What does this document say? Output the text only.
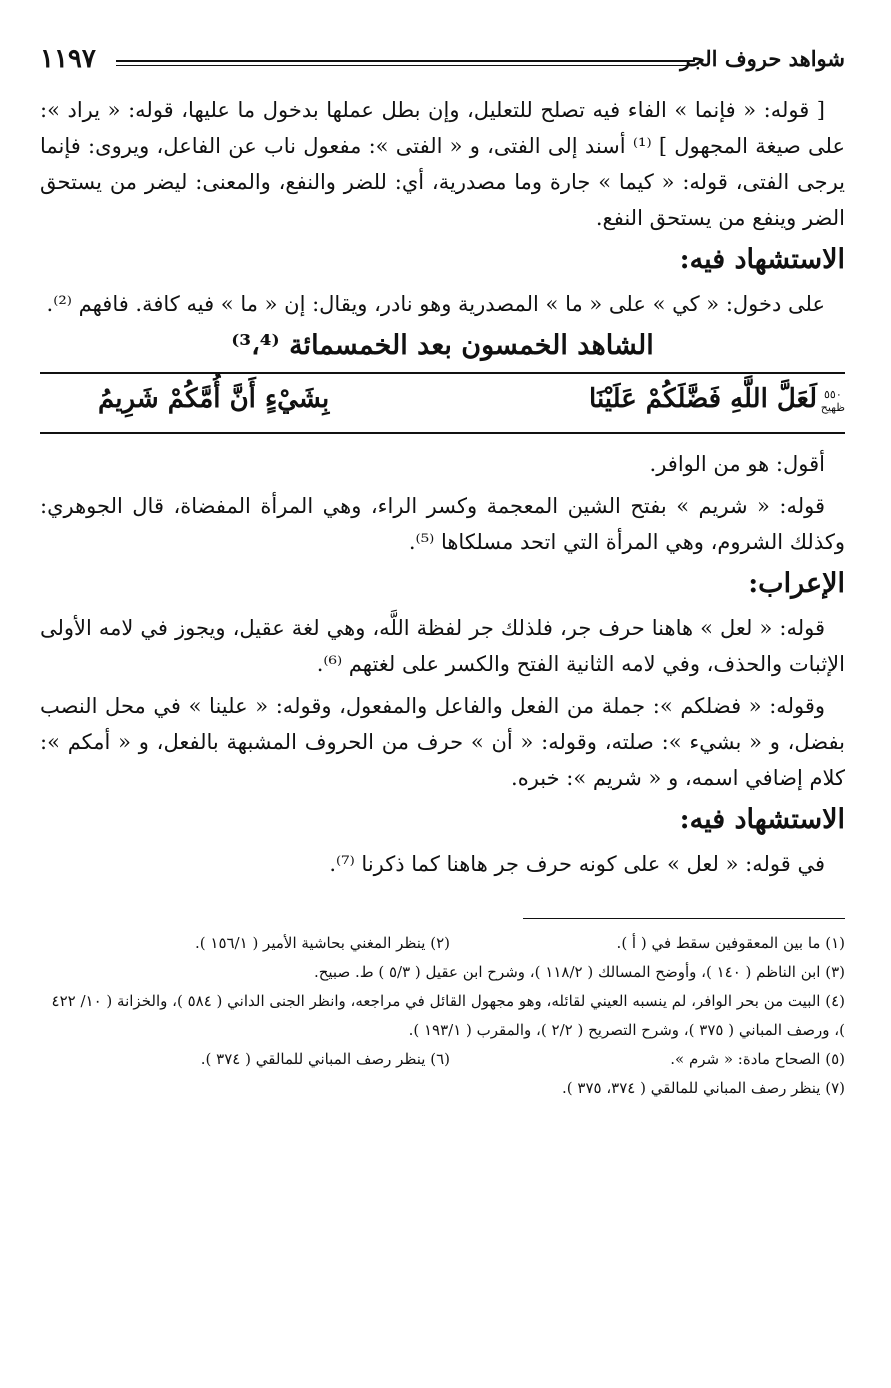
شواهد حروف الجر
١١٩٧

[ قوله: « فإنما » الفاء فيه تصلح للتعليل، وإن بطل عملها بدخول ما عليها، قوله: « يراد »: على صيغة المجهول ] ⁽¹⁾ أسند إلى الفتى، و « الفتى »: مفعول ناب عن الفاعل، ويروى: فإنما يرجى الفتى، قوله: « كيما » جارة وما مصدرية، أي: للضر والنفع، والمعنى: ليضر من يستحق الضر وينفع من يستحق النفع.

الاستشهاد فيه:

على دخول: « كي » على « ما » المصدرية وهو نادر، ويقال: إن « ما » فيه كافة. فافهم ⁽²⁾.

الشاهد الخمسون بعد الخمسمائة ⁽³،⁴⁾
٥٥٠
ظهيح
لَعَلَّ اللَّهِ فَضَّلَكُمْ عَلَيْنَا
بِشَيْءٍ أَنَّ أُمَّكُمْ شَرِيمُ

أقول: هو من الوافر.

قوله: « شريم » بفتح الشين المعجمة وكسر الراء، وهي المرأة المفضاة، قال الجوهري: وكذلك الشروم، وهي المرأة التي اتحد مسلكاها ⁽⁵⁾.

الإعراب:

قوله: « لعل » هاهنا حرف جر، فلذلك جر لفظة اللَّه، وهي لغة عقيل، ويجوز في لامه الأولى الإثبات والحذف، وفي لامه الثانية الفتح والكسر على لغتهم ⁽⁶⁾.

وقوله: « فضلكم »: جملة من الفعل والفاعل والمفعول، وقوله: « علينا » في محل النصب بفضل، و « بشيء »: صلته، وقوله: « أن » حرف من الحروف المشبهة بالفعل، و « أمكم »: كلام إضافي اسمه، و « شريم »: خبره.

الاستشهاد فيه:

في قوله: « لعل » على كونه حرف جر هاهنا كما ذكرنا ⁽⁷⁾.

(١) ما بين المعقوفين سقط في ( أ ).
(٢) ينظر المغني بحاشية الأمير ( ١٥٦/١ ).

(٣) ابن الناظم ( ١٤٠ )، وأوضح المسالك ( ١١٨/٢ )، وشرح ابن عقيل ( ٥/٣ ) ط. صبيح.

(٤) البيت من بحر الوافر، لم ينسبه العيني لقائله، وهو مجهول القائل في مراجعه، وانظر الجنى الداني ( ٥٨٤ )، والخزانة ( ١٠/ ٤٢٢ )، ورصف المباني ( ٣٧٥ )، وشرح التصريح ( ٢/٢ )، والمقرب ( ١٩٣/١ ).

(٥) الصحاح مادة: « شرم ».
(٦) ينظر رصف المباني للمالقي ( ٣٧٤ ).

(٧) ينظر رصف المباني للمالقي ( ٣٧٤، ٣٧٥ ).
